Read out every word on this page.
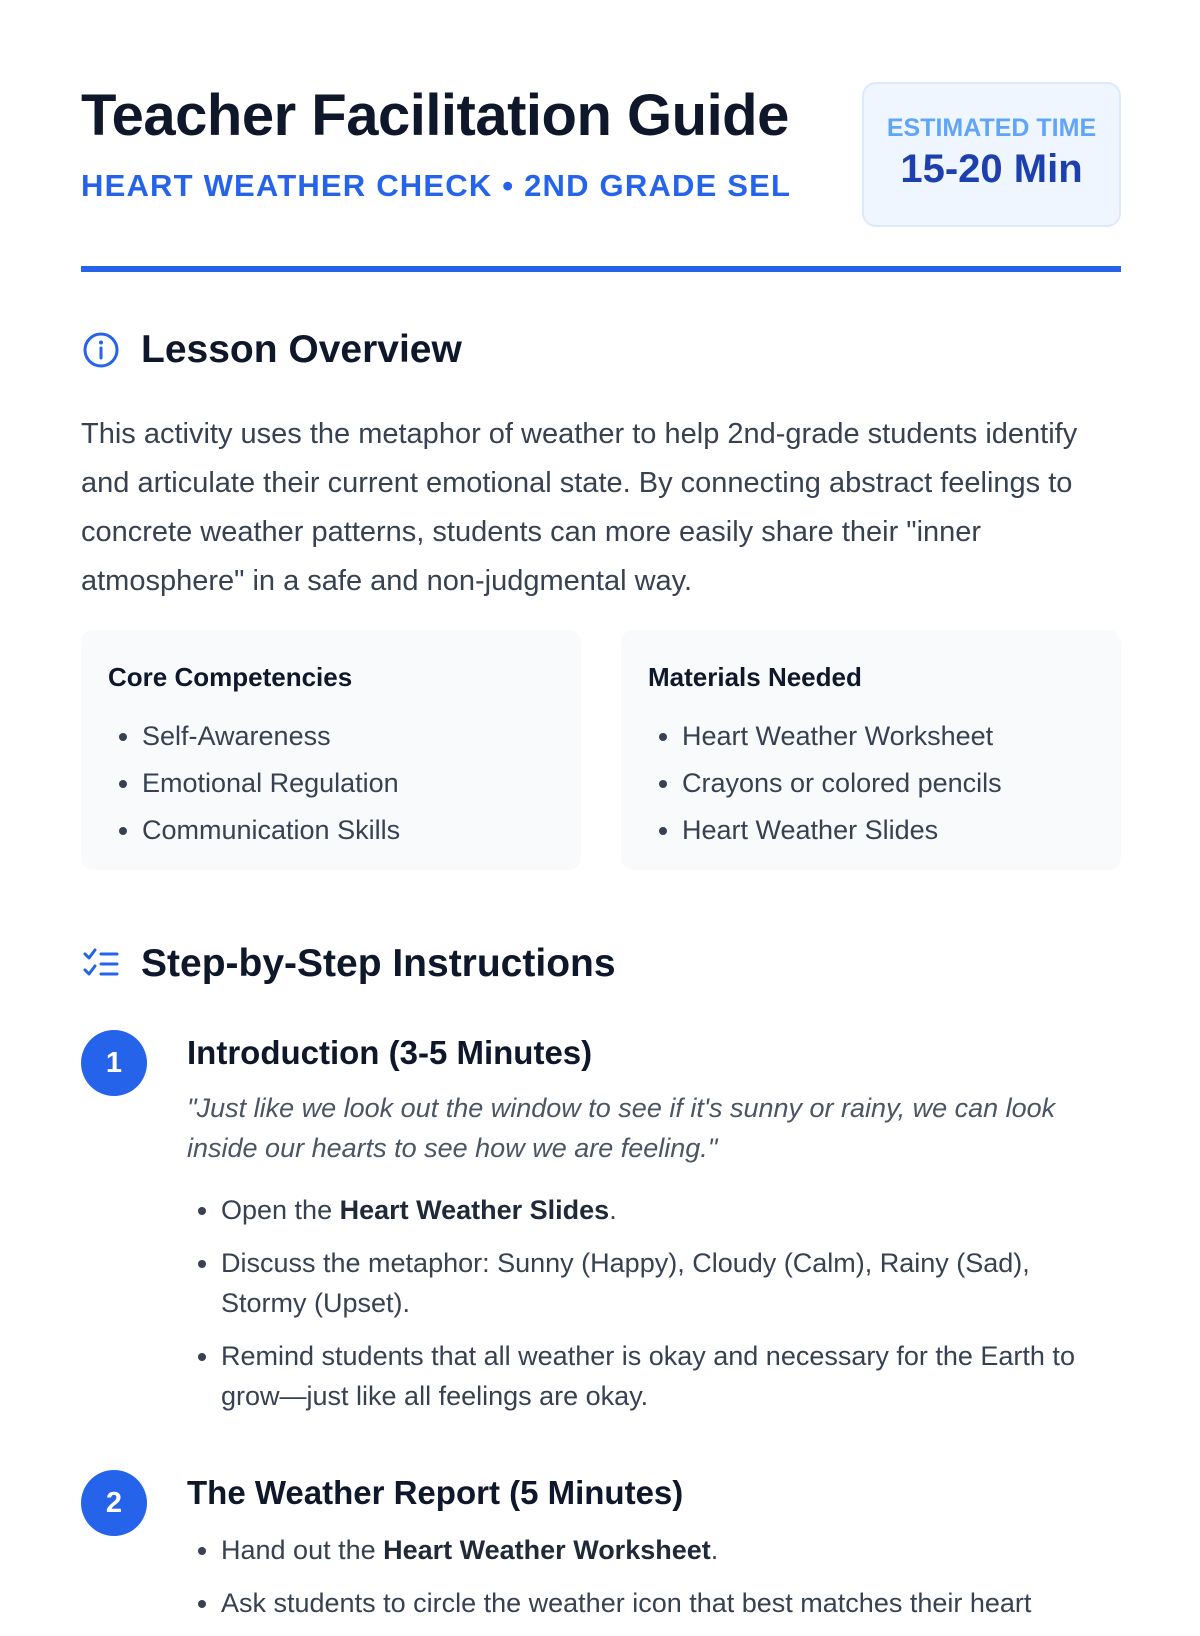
Teacher Facilitation Guide
HEART WEATHER CHECK • 2ND GRADE SEL
ESTIMATED TIME
15-20 Min
Lesson Overview

This activity uses the metaphor of weather to help 2nd-grade students identify and articulate their current emotional state. By connecting abstract feelings to concrete weather patterns, students can more easily share their "inner atmosphere" in a safe and non-judgmental way.

Core Competencies
• Self-Awareness
• Emotional Regulation
• Communication Skills
Materials Needed
• Heart Weather Worksheet
• Crayons or colored pencils
• Heart Weather Slides
Step-by-Step Instructions
1	Introduction (3-5 Minutes)

"Just like we look out the window to see if it's sunny or rainy, we can look inside our hearts to see how we are feeling."

• Open the Heart Weather Slides.
• Discuss the metaphor: Sunny (Happy), Cloudy (Calm), Rainy (Sad), Stormy (Upset).
• Remind students that all weather is okay and necessary for the Earth to grow—just like all feelings are okay.
2	The Weather Report (5 Minutes)
• Hand out the Heart Weather Worksheet.
• Ask students to circle the weather icon that best matches their heart
